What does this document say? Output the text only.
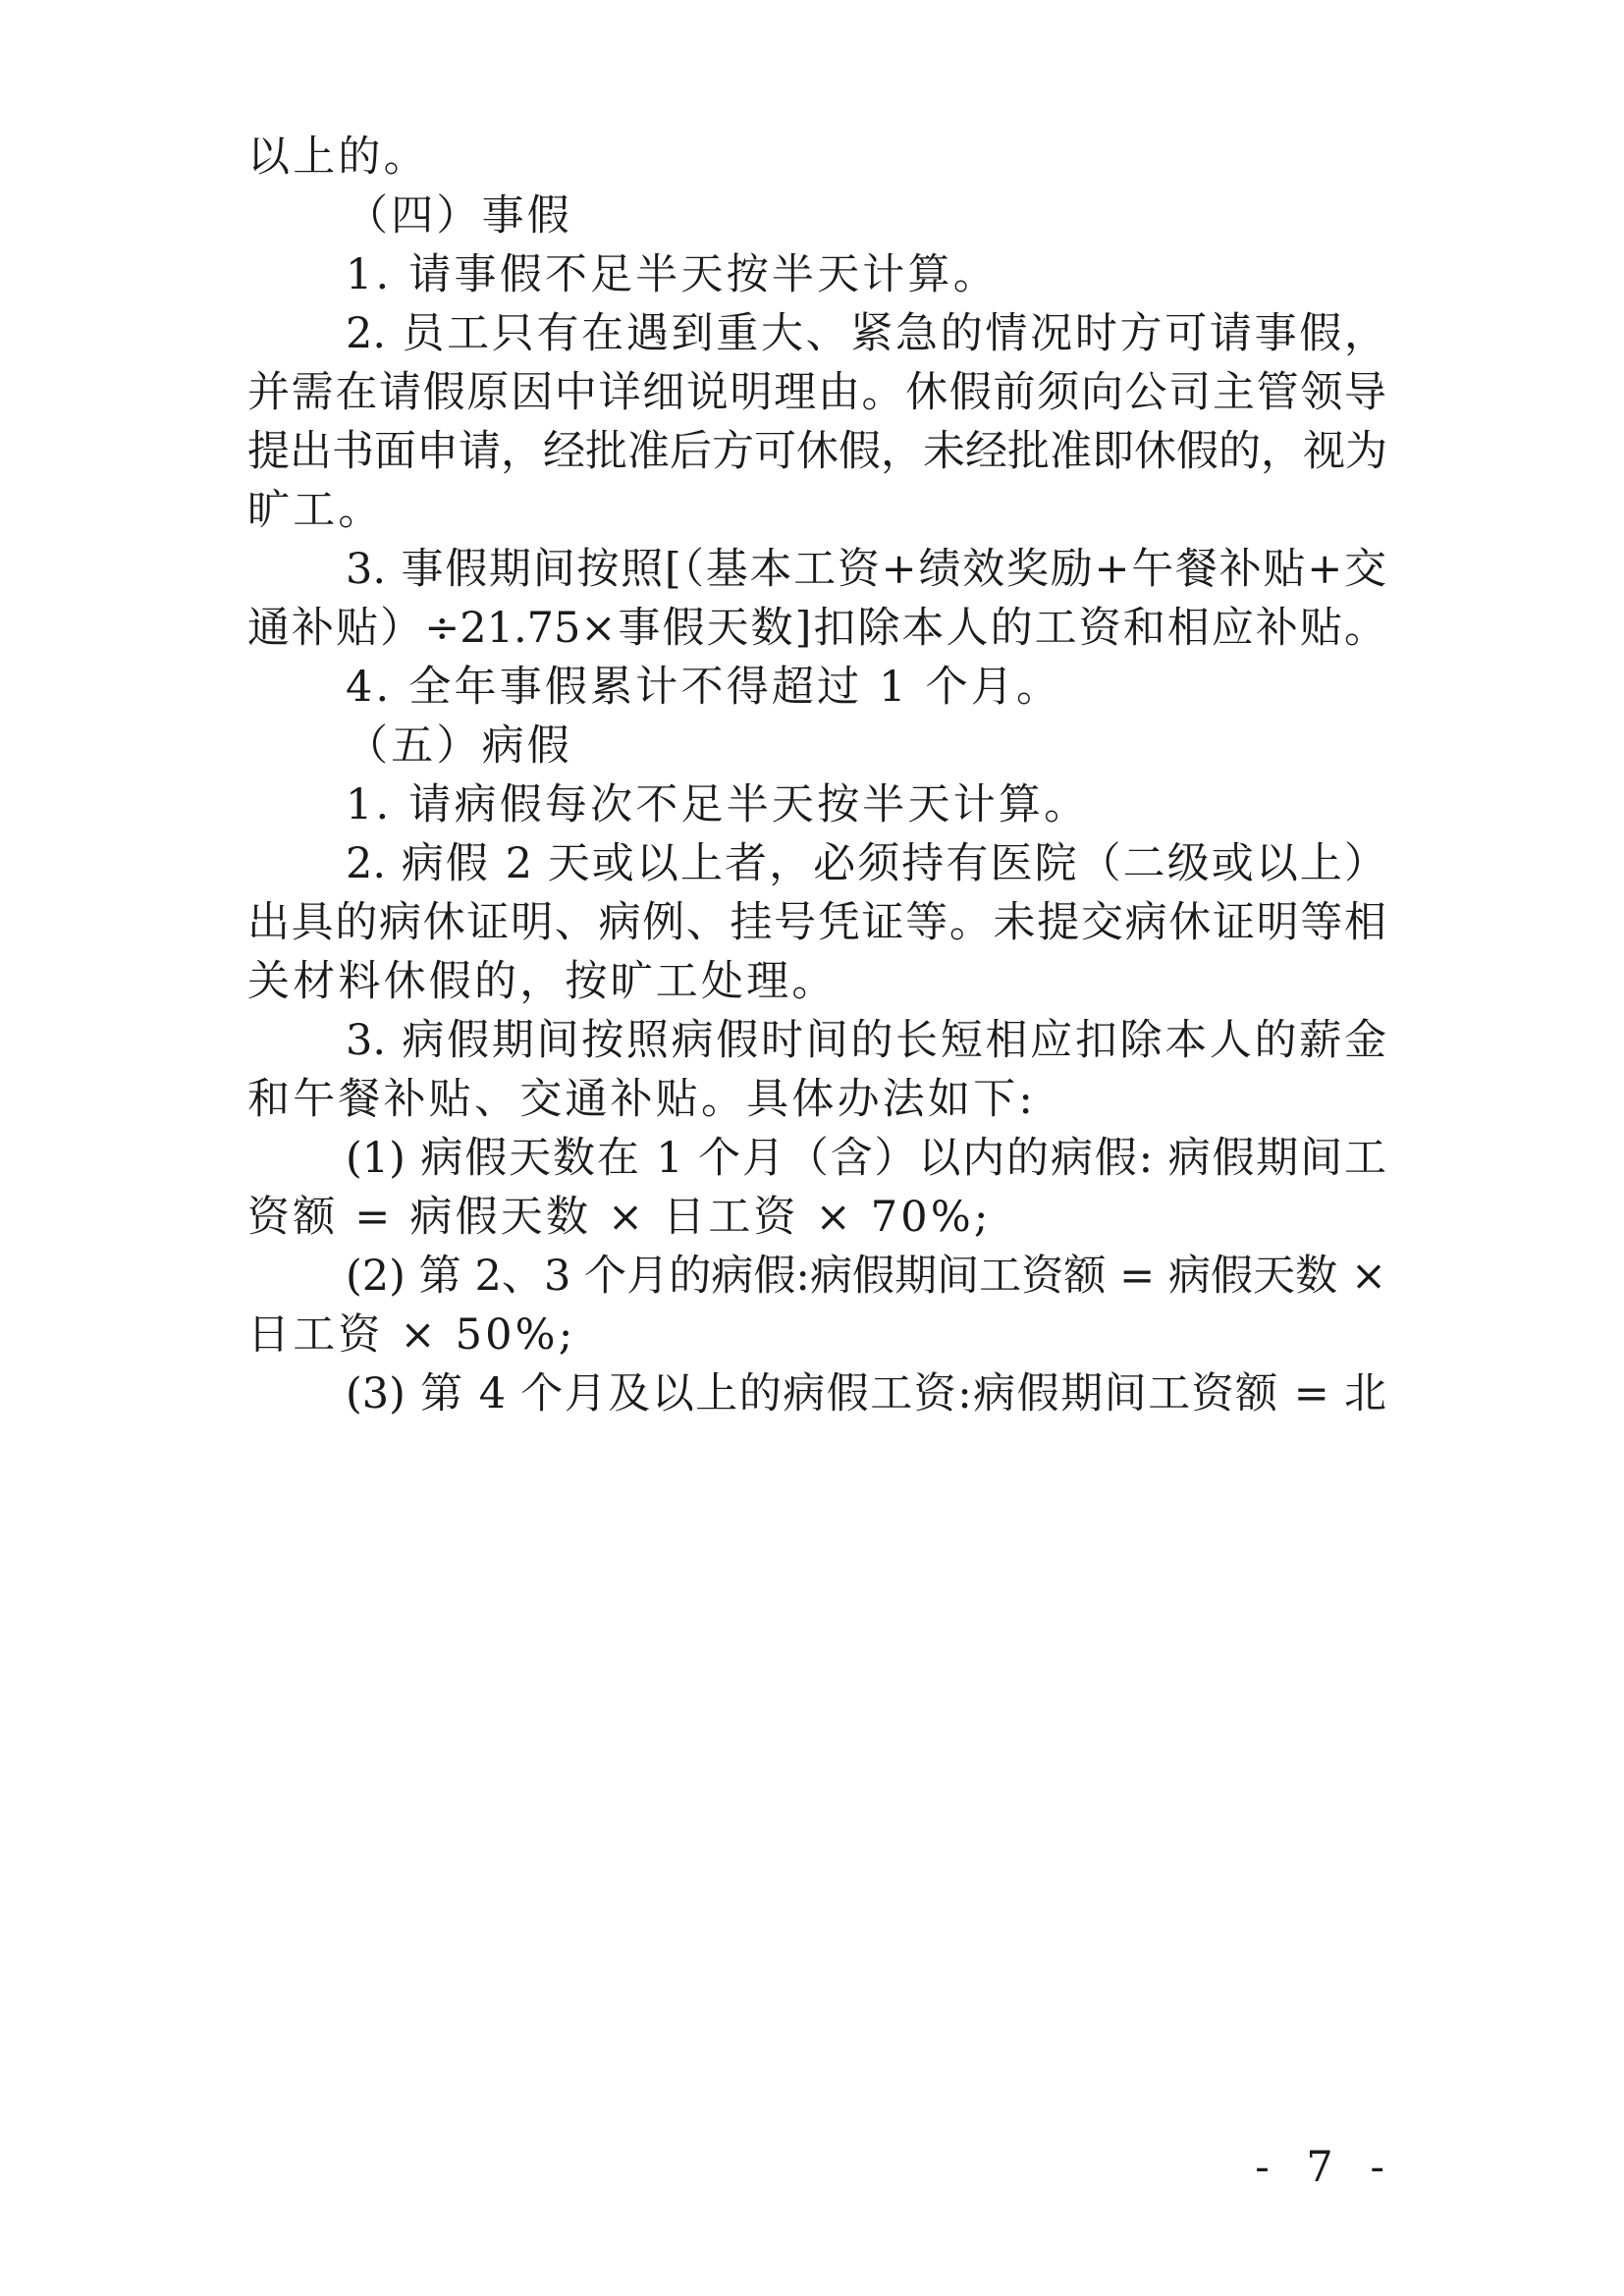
以上的。
（四）事假
1. 请事假不足半天按半天计算。
2. 员工只有在遇到重大、紧急的情况时方可请事假，
并需在请假原因中详细说明理由。休假前须向公司主管领导
提出书面申请，经批准后方可休假，未经批准即休假的，视为
旷工。
3. 事假期间按照[（基本工资+绩效奖励+午餐补贴+交
通补贴）÷21.75×事假天数]扣除本人的工资和相应补贴。
4. 全年事假累计不得超过 1 个月。
（五）病假
1. 请病假每次不足半天按半天计算。
2. 病假 2 天或以上者，必须持有医院（二级或以上）
出具的病休证明、病例、挂号凭证等。未提交病休证明等相
关材料休假的，按旷工处理。
3. 病假期间按照病假时间的长短相应扣除本人的薪金
和午餐补贴、交通补贴。具体办法如下:
(1) 病假天数在 1 个月（含）以内的病假: 病假期间工
资额 = 病假天数 × 日工资 × 70%;
(2) 第 2、3 个月的病假:病假期间工资额 = 病假天数 ×
日工资 × 50%;
(3) 第 4 个月及以上的病假工资:病假期间工资额 = 北
- 7 -
